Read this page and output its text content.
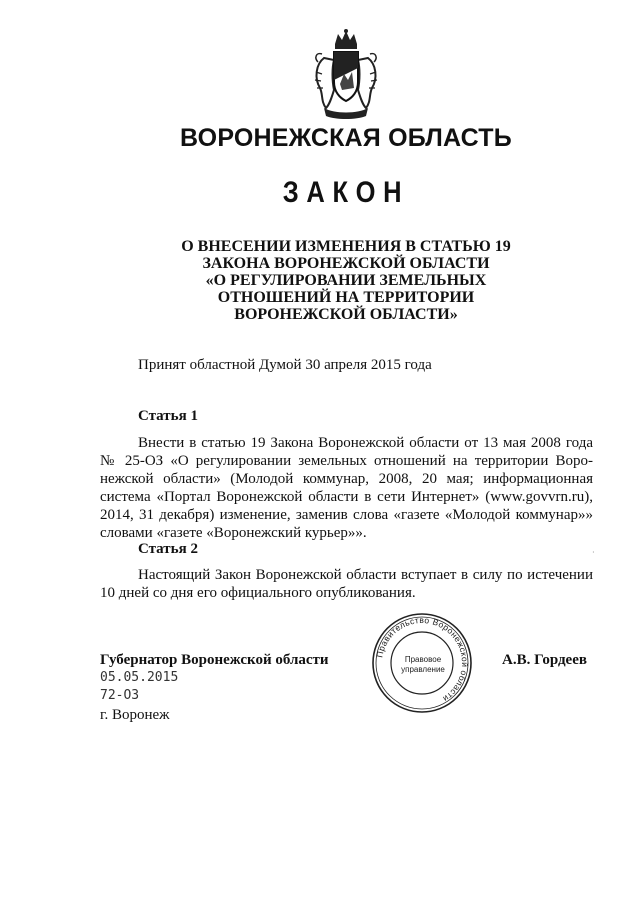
ВОРОНЕЖСКАЯ ОБЛАСТЬ
ЗАКОН
О ВНЕСЕНИИ ИЗМЕНЕНИЯ В СТАТЬЮ 19
ЗАКОНА ВОРОНЕЖСКОЙ ОБЛАСТИ
«О РЕГУЛИРОВАНИИ ЗЕМЕЛЬНЫХ
ОТНОШЕНИЙ НА ТЕРРИТОРИИ
ВОРОНЕЖСКОЙ ОБЛАСТИ»
Принят областной Думой 30 апреля 2015 года
Статья 1
Внести в статью 19 Закона Воронежской области от 13 мая 2008 года № 25-ОЗ «О регулировании земельных отношений на территории Воронежской области» (Молодой коммунар, 2008, 20 мая; информационная система «Портал Воронежской области в сети Интернет» (www.govvrn.ru), 2014, 31 декабря) изменение, заменив слова «газете «Молодой коммунар»» словами «газете «Воронежский курьер»».
·
Статья 2
Настоящий Закон Воронежской области вступает в силу по истечении 10 дней со дня его официального опубликования.
Губернатор Воронежской области	Правительство Воронежской области
Правовое
управление
А.В. Гордеев
05.05.2015
72-ОЗ
г. Воронеж
